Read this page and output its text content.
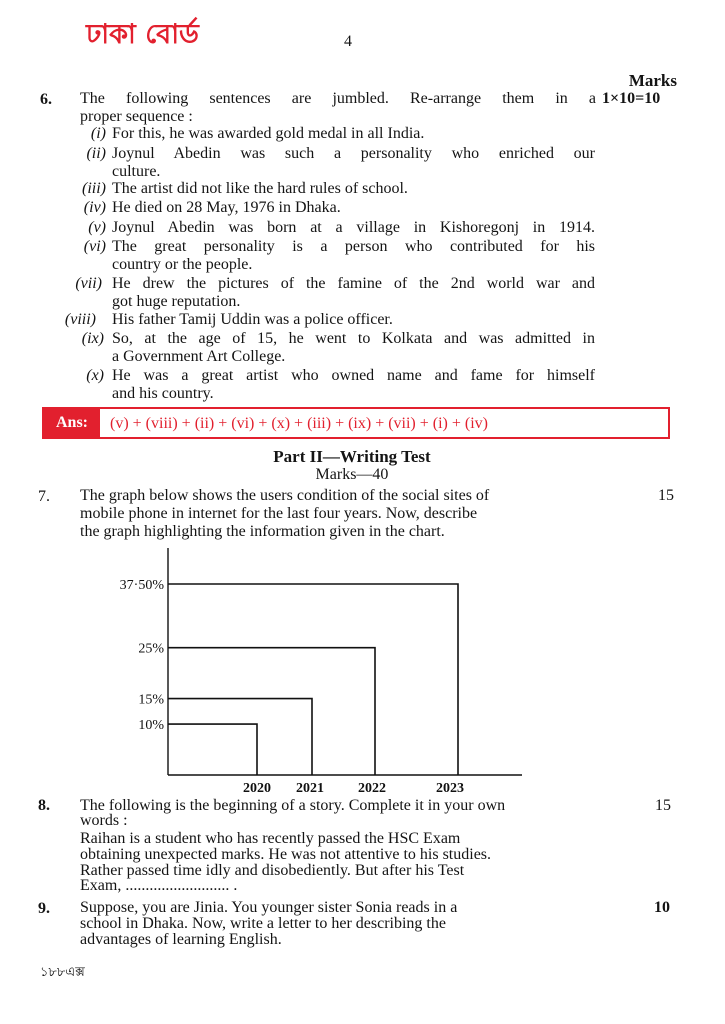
ঢাকা বোর্ড	4
Marks
6. The following sentences are jumbled. Re-arrange them in a 1×10=10
proper sequence :
(i) For this, he was awarded gold medal in all India.
(ii) Joynul Abedin was such a personality who enriched our
culture.
(iii) The artist did not like the hard rules of school.
(iv) He died on 28 May, 1976 in Dhaka.
(v) Joynul Abedin was born at a village in Kishoregonj in 1914.
(vi) The great personality is a person who contributed for his
country or the people.
(vii) He drew the pictures of the famine of the 2nd world war and
got huge reputation.
(viii) His father Tamij Uddin was a police officer.
(ix) So, at the age of 15, he went to Kolkata and was admitted in
a Government Art College.
(x) He was a great artist who owned name and fame for himself
and his country.
Ans:	(v) + (viii) + (ii) + (vi) + (x) + (iii) + (ix) + (vii) + (i) + (iv)
Part II—Writing Test
Marks—40
7. The graph below shows the users condition of the social sites of
mobile phone in internet for the last four years. Now, describe
the graph highlighting the information given in the chart.
15
10%
2020
15%
2021
25%
2022
37·50%
2023
8. The following is the beginning of a story. Complete it in your own
words :
Raihan is a student who has recently passed the HSC Exam
obtaining unexpected marks. He was not attentive to his studies.
Rather passed time idly and disobediently. But after his Test
Exam, .......................... .
15
9. Suppose, you are Jinia. You younger sister Sonia reads in a
school in Dhaka. Now, write a letter to her describing the
advantages of learning English.
10
১৮৮এক্স
